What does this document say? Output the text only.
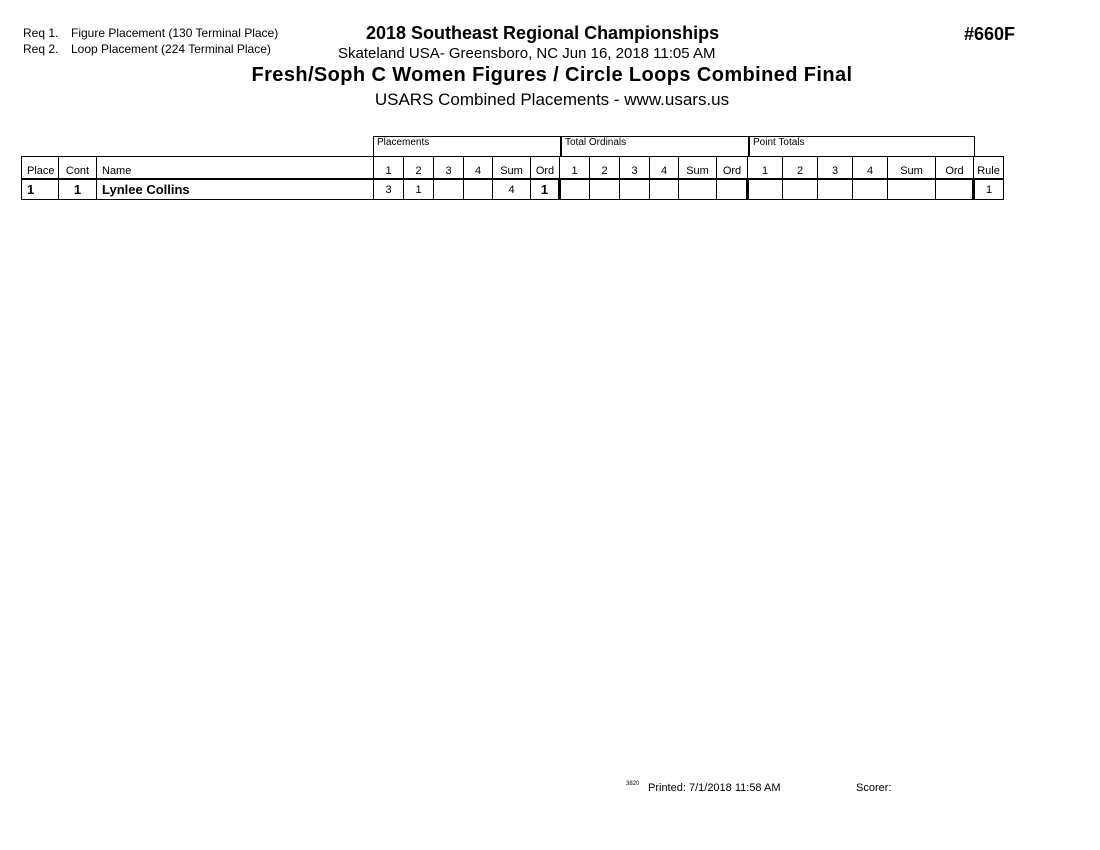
Req 1. Figure Placement (130 Terminal Place)
Req 2. Loop Placement (224 Terminal Place)
2018 Southeast Regional Championships
Skateland USA- Greensboro, NC Jun 16, 2018 11:05 AM
#660F
Fresh/Soph C Women Figures / Circle Loops Combined Final
USARS Combined Placements - www.usars.us
Placements	Total Ordinals	Point Totals
Place	Cont	Name	1	2	3	4	Sum	Ord	1	2	3	4	Sum	Ord	1	2	3	4	Sum	Ord	Rule
1	1	Lynlee Collins	3	1			4	1													1
3820 Printed: 7/1/2018 11:58 AM	Scorer:
